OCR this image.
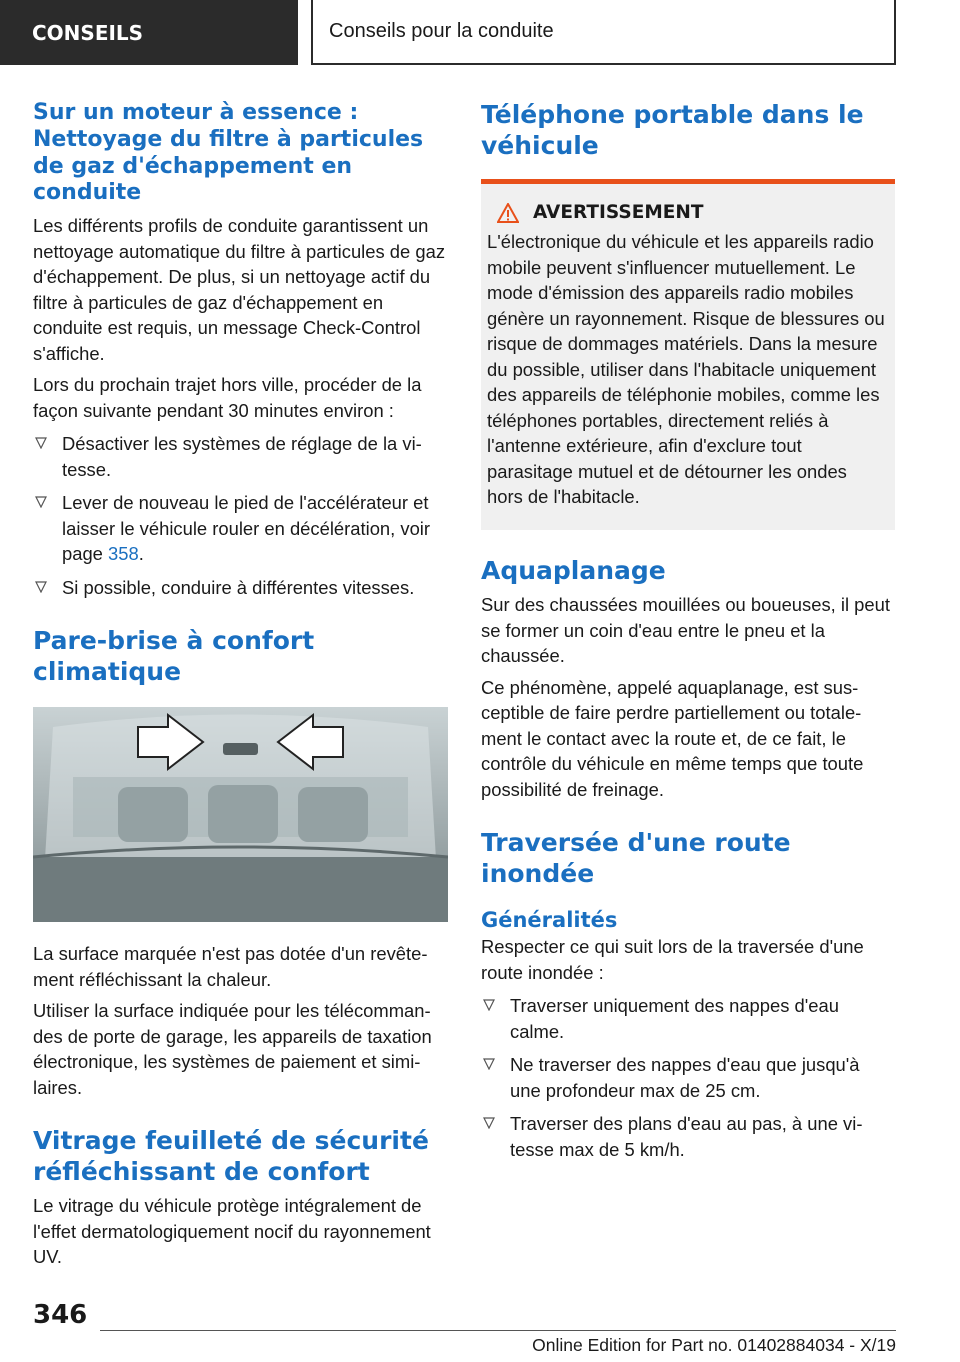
CONSEILS	Conseils pour la conduite
Sur un moteur à essence : Nettoyage du filtre à particules de gaz d'échappement en conduite

Les différents profils de conduite garantissent un nettoyage automatique du filtre à particules de gaz d'échappement. De plus, si un nettoyage actif du filtre à particules de gaz d'échappement en conduite est requis, un message Check-Control s'affiche.

Lors du prochain trajet hors ville, procéder de la façon suivante pendant 30 minutes environ :

Désactiver les systèmes de réglage de la vitesse.
Lever de nouveau le pied de l'accélérateur et laisser le véhicule rouler en décélération, voir page 358.
Si possible, conduire à différentes vitesses.
Pare-brise à confort climatique

La surface marquée n'est pas dotée d'un revêtement réfléchissant la chaleur.

Utiliser la surface indiquée pour les télécommandes de porte de garage, les appareils de taxation électronique, les systèmes de paiement et similaires.

Vitrage feuilleté de sécurité réfléchissant de confort

Le vitrage du véhicule protège intégralement de l'effet dermatologiquement nocif du rayonnement UV.

Téléphone portable dans le véhicule
AVERTISSEMENT

L'électronique du véhicule et les appareils radio mobile peuvent s'influencer mutuellement. Le mode d'émission des appareils radio mobiles génère un rayonnement. Risque de blessures ou risque de dommages matériels. Dans la mesure du possible, utiliser dans l'habitacle uniquement des appareils de téléphonie mobiles, comme les téléphones portables, directement reliés à l'antenne extérieure, afin d'exclure tout parasitage mutuel et de détourner les ondes hors de l'habitacle.

Aquaplanage

Sur des chaussées mouillées ou boueuses, il peut se former un coin d'eau entre le pneu et la chaussée.

Ce phénomène, appelé aquaplanage, est susceptible de faire perdre partiellement ou totalement le contact avec la route et, de ce fait, le contrôle du véhicule en même temps que toute possibilité de freinage.

Traversée d'une route inondée
Généralités

Respecter ce qui suit lors de la traversée d'une route inondée :

Traverser uniquement des nappes d'eau calme.
Ne traverser des nappes d'eau que jusqu'à une profondeur max de 25 cm.
Traverser des plans d'eau au pas, à une vitesse max de 5 km/h.
346
Online Edition for Part no. 01402884034 - X/19
